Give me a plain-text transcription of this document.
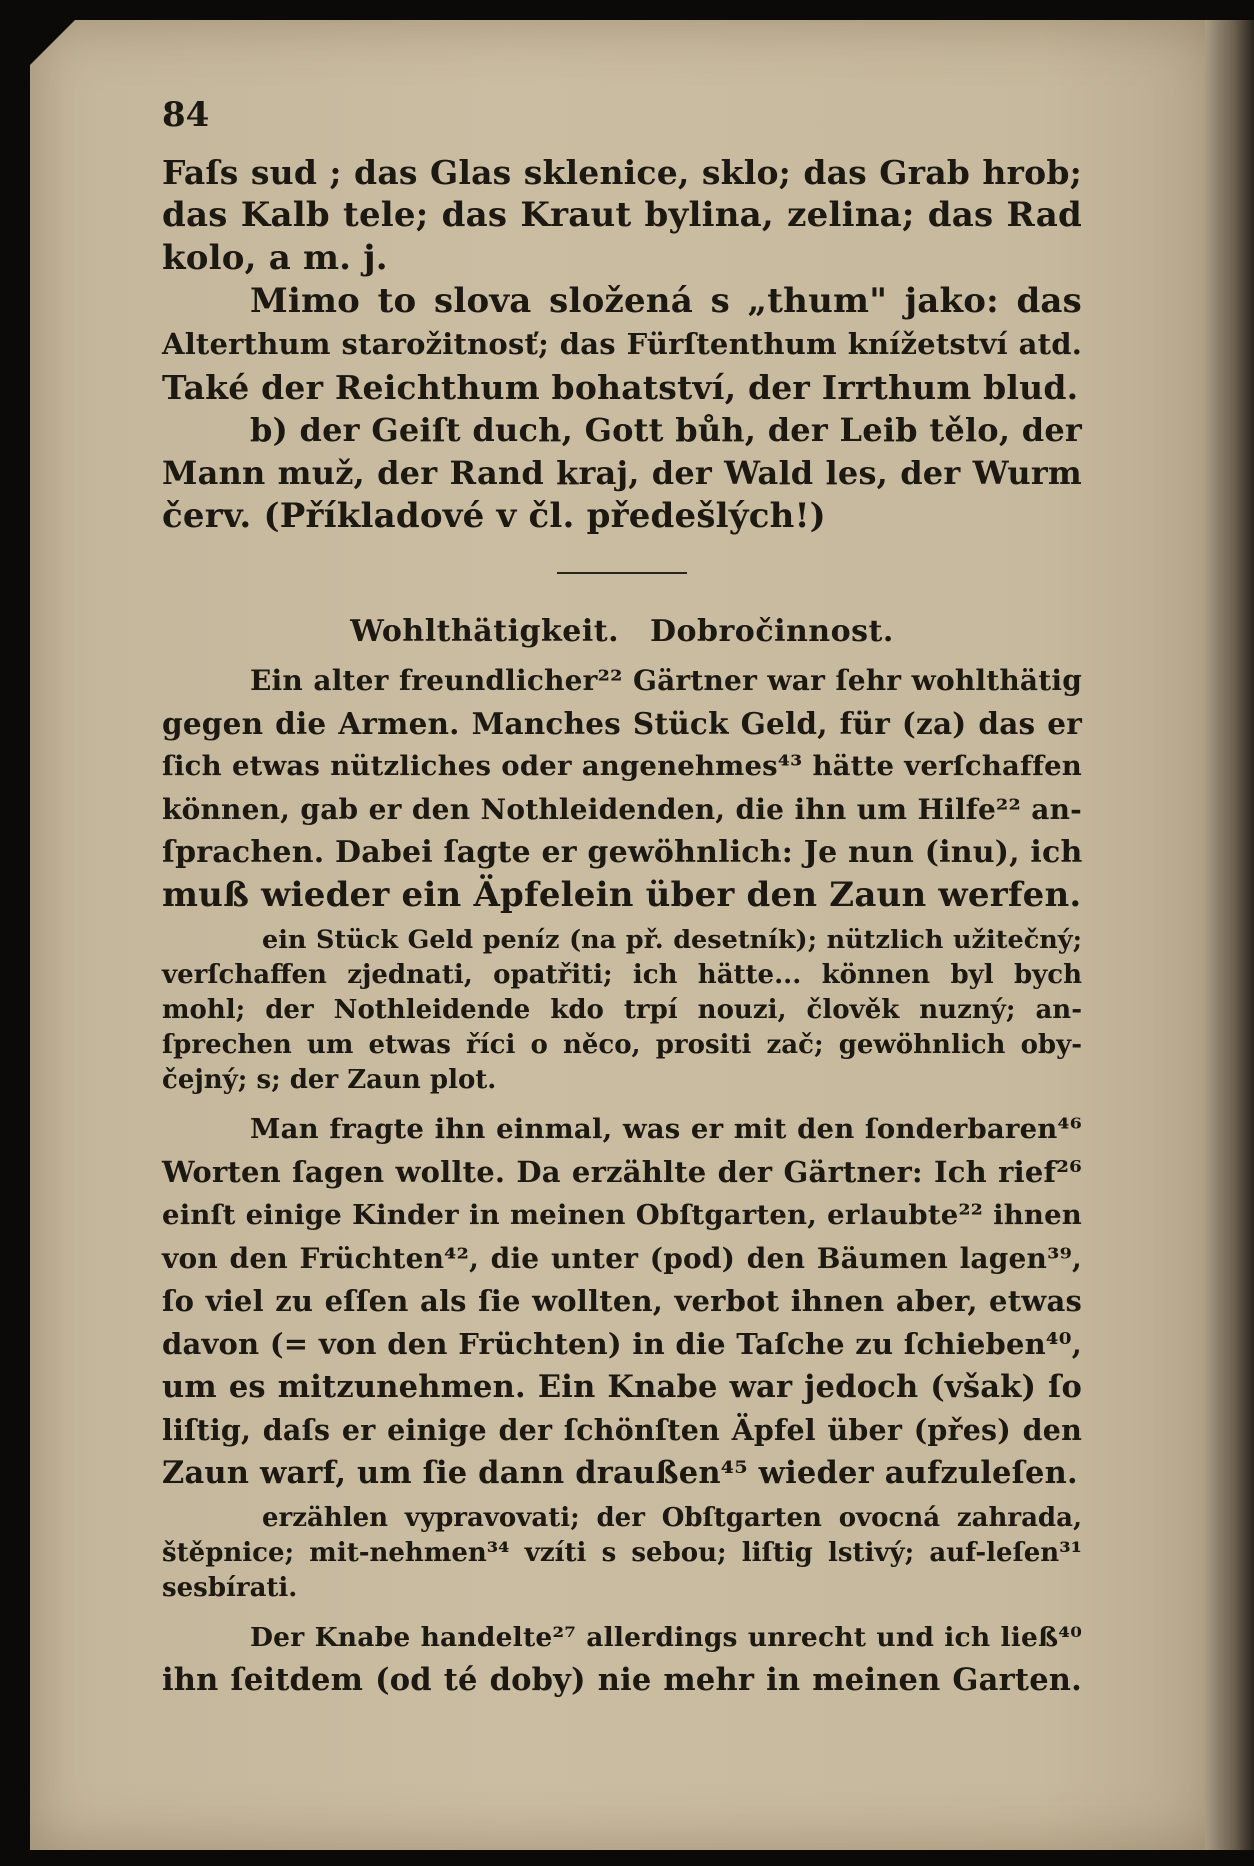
84
Faſs sud ; das Glas sklenice, sklo; das Grab hrob;
das Kalb tele; das Kraut bylina, zelina; das Rad
kolo, a m. j.
Mimo to slova složená s „thum" jako: das
Alterthum starožitnosť; das Fürſtenthum knížetství atd.
Také der Reichthum bohatství, der Irrthum blud.
b) der Geiſt duch, Gott bůh, der Leib tělo, der
Mann muž, der Rand kraj, der Wald les, der Wurm
červ. (Příkladové v čl. předešlých!)
Wohlthätigkeit. Dobročinnost.
Ein alter freundlicher²² Gärtner war ſehr wohlthätig
gegen die Armen. Manches Stück Geld, für (za) das er
ſich etwas nützliches oder angenehmes⁴³ hätte verſchaffen
können, gab er den Nothleidenden, die ihn um Hilfe²² an-
ſprachen. Dabei ſagte er gewöhnlich: Je nun (inu), ich
muß wieder ein Äpfelein über den Zaun werfen.
ein Stück Geld peníz (na př. desetník); nützlich užitečný;
verſchaffen zjednati, opatřiti; ich hätte... können byl bych
mohl; der Nothleidende kdo trpí nouzi, člověk nuzný; an-
ſprechen um etwas říci o něco, prositi zač; gewöhnlich oby-
čejný; s; der Zaun plot.
Man fragte ihn einmal, was er mit den ſonderbaren⁴⁶
Worten ſagen wollte. Da erzählte der Gärtner: Ich rief²⁶
einſt einige Kinder in meinen Obſtgarten, erlaubte²² ihnen
von den Früchten⁴², die unter (pod) den Bäumen lagen³⁹,
ſo viel zu eſſen als ſie wollten, verbot ihnen aber, etwas
davon (= von den Früchten) in die Taſche zu ſchieben⁴⁰,
um es mitzunehmen. Ein Knabe war jedoch (však) ſo
liſtig, daſs er einige der ſchönſten Äpfel über (přes) den
Zaun warf, um ſie dann draußen⁴⁵ wieder aufzuleſen.
erzählen vypravovati; der Obſtgarten ovocná zahrada,
štěpnice; mit-nehmen³⁴ vzíti s sebou; liſtig lstivý; auf-leſen³¹
sesbírati.
Der Knabe handelte²⁷ allerdings unrecht und ich ließ⁴⁰
ihn ſeitdem (od té doby) nie mehr in meinen Garten.
